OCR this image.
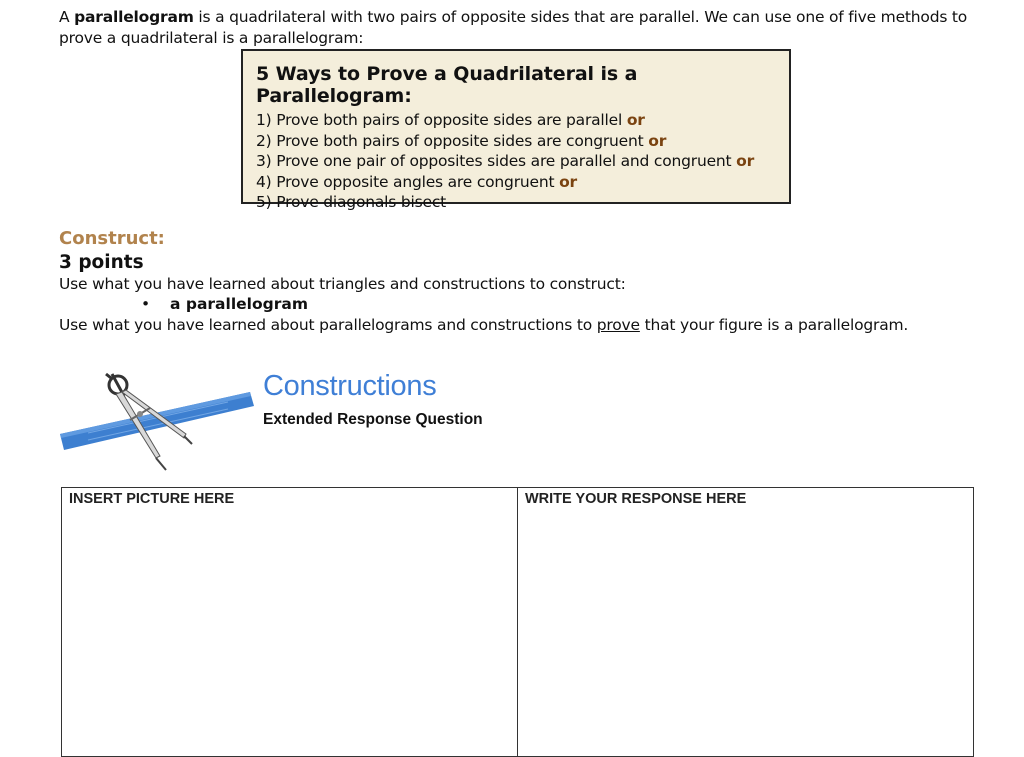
A parallelogram is a quadrilateral with two pairs of opposite sides that are parallel. We can use one of five methods to prove a quadrilateral is a parallelogram:
5 Ways to Prove a Quadrilateral is a Parallelogram:
1) Prove both pairs of opposite sides are parallel or
2) Prove both pairs of opposite sides are congruent or
3) Prove one pair of opposites sides are parallel and congruent or
4) Prove opposite angles are congruent or
5) Prove diagonals bisect
Construct:
3 points
Use what you have learned about triangles and constructions to construct:
• a parallelogram
Use what you have learned about parallelograms and constructions to prove that your figure is a parallelogram.
Constructions
Extended Response Question
INSERT PICTURE HERE	WRITE YOUR RESPONSE HERE
